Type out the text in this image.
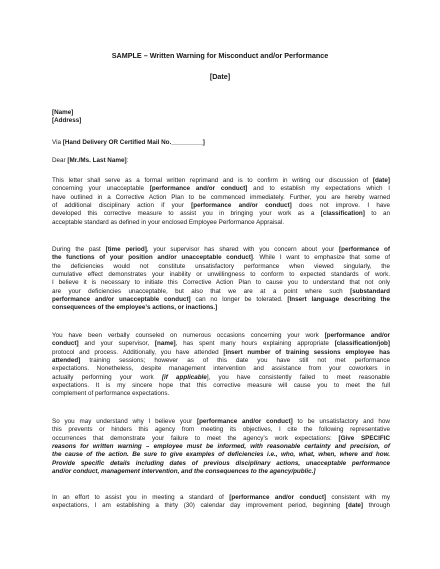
SAMPLE – Written Warning for Misconduct and/or Performance
[Date]
[Name]
[Address]
Via [Hand Delivery OR Certified Mail No._________]
Dear [Mr./Ms. Last Name]:
This letter shall serve as a formal written reprimand and is to confirm in writing our discussion of [date]
concerning your unacceptable [performance and/or conduct] and to establish my expectations which I
have outlined in a Corrective Action Plan to be commenced immediately. Further, you are hereby warned
of additional disciplinary action if your [performance and/or conduct] does not improve. I have
developed this corrective measure to assist you in bringing your work as a [classification] to an
acceptable standard as defined in your enclosed Employee Performance Appraisal.
During the past [time period], your supervisor has shared with you concern about your [performance of
the functions of your position and/or unacceptable conduct]. While I want to emphasize that some of
the deficiencies would not constitute unsatisfactory performance when viewed singularly, the
cumulative effect demonstrates your inability or unwillingness to conform to expected standards of work.
I believe it is necessary to initiate this Corrective Action Plan to cause you to understand that not only
are your deficiencies unacceptable, but also that we are at a point where such [substandard
performance and/or unacceptable conduct] can no longer be tolerated. [Insert language describing the
consequences of the employee’s actions, or inactions.]
You have been verbally counseled on numerous occasions concerning your work [performance and/or
conduct] and your supervisor, [name], has spent many hours explaining appropriate [classification/job]
protocol and process. Additionally, you have attended [insert number of training sessions employee has
attended] training sessions; however as of this date you have still not met performance
expectations. Nonetheless, despite management intervention and assistance from your coworkers in
actually performing your work [if applicable], you have consistently failed to meet reasonable
expectations. It is my sincere hope that this corrective measure will cause you to meet the full
complement of performance expectations.
So you may understand why I believe your [performance and/or conduct] to be unsatisfactory and how
this prevents or hinders this agency from meeting its objectives, I cite the following representative
occurrences that demonstrate your failure to meet the agency’s work expectations: [Give SPECIFIC
reasons for written warning – employee must be informed, with reasonable certainty and precision, of
the cause of the action. Be sure to give examples of deficiencies i.e., who, what, when, where and how.
Provide specific details including dates of previous disciplinary actions, unacceptable performance
and/or conduct, management intervention, and the consequences to the agency/public.]
In an effort to assist you in meeting a standard of [performance and/or conduct] consistent with my
expectations, I am establishing a thirty (30) calendar day improvement period, beginning [date] through
